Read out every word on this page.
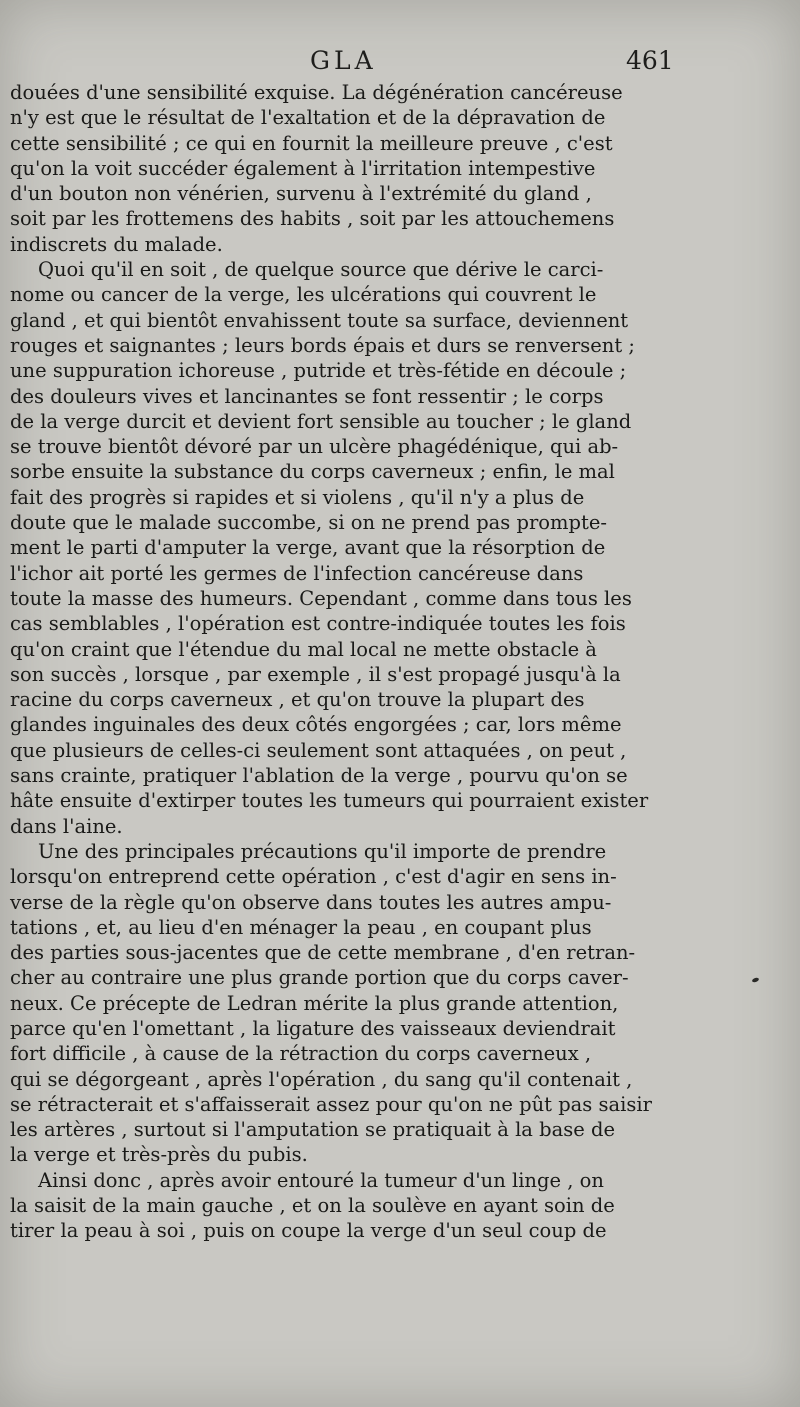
GLA	461
douées d'une sensibilité exquise. La dégénération cancéreuse
n'y est que le résultat de l'exaltation et de la dépravation de
cette sensibilité ; ce qui en fournit la meilleure preuve , c'est
qu'on la voit succéder également à l'irritation intempestive
d'un bouton non vénérien, survenu à l'extrémité du gland ,
soit par les frottemens des habits , soit par les attouchemens
indiscrets du malade.
Quoi qu'il en soit , de quelque source que dérive le carci-
nome ou cancer de la verge, les ulcérations qui couvrent le
gland , et qui bientôt envahissent toute sa surface, deviennent
rouges et saignantes ; leurs bords épais et durs se renversent ;
une suppuration ichoreuse , putride et très-fétide en découle ;
des douleurs vives et lancinantes se font ressentir ; le corps
de la verge durcit et devient fort sensible au toucher ; le gland
se trouve bientôt dévoré par un ulcère phagédénique, qui ab-
sorbe ensuite la substance du corps caverneux ; enfin, le mal
fait des progrès si rapides et si violens , qu'il n'y a plus de
doute que le malade succombe, si on ne prend pas prompte-
ment le parti d'amputer la verge, avant que la résorption de
l'ichor ait porté les germes de l'infection cancéreuse dans
toute la masse des humeurs. Cependant , comme dans tous les
cas semblables , l'opération est contre-indiquée toutes les fois
qu'on craint que l'étendue du mal local ne mette obstacle à
son succès , lorsque , par exemple , il s'est propagé jusqu'à la
racine du corps caverneux , et qu'on trouve la plupart des
glandes inguinales des deux côtés engorgées ; car, lors même
que plusieurs de celles-ci seulement sont attaquées , on peut ,
sans crainte, pratiquer l'ablation de la verge , pourvu qu'on se
hâte ensuite d'extirper toutes les tumeurs qui pourraient exister
dans l'aine.
Une des principales précautions qu'il importe de prendre
lorsqu'on entreprend cette opération , c'est d'agir en sens in-
verse de la règle qu'on observe dans toutes les autres ampu-
tations , et, au lieu d'en ménager la peau , en coupant plus
des parties sous-jacentes que de cette membrane , d'en retran-
cher au contraire une plus grande portion que du corps caver-
neux. Ce précepte de Ledran mérite la plus grande attention,
parce qu'en l'omettant , la ligature des vaisseaux deviendrait
fort difficile , à cause de la rétraction du corps caverneux ,
qui se dégorgeant , après l'opération , du sang qu'il contenait ,
se rétracterait et s'affaisserait assez pour qu'on ne pût pas saisir
les artères , surtout si l'amputation se pratiquait à la base de
la verge et très-près du pubis.
Ainsi donc , après avoir entouré la tumeur d'un linge , on
la saisit de la main gauche , et on la soulève en ayant soin de
tirer la peau à soi , puis on coupe la verge d'un seul coup de
